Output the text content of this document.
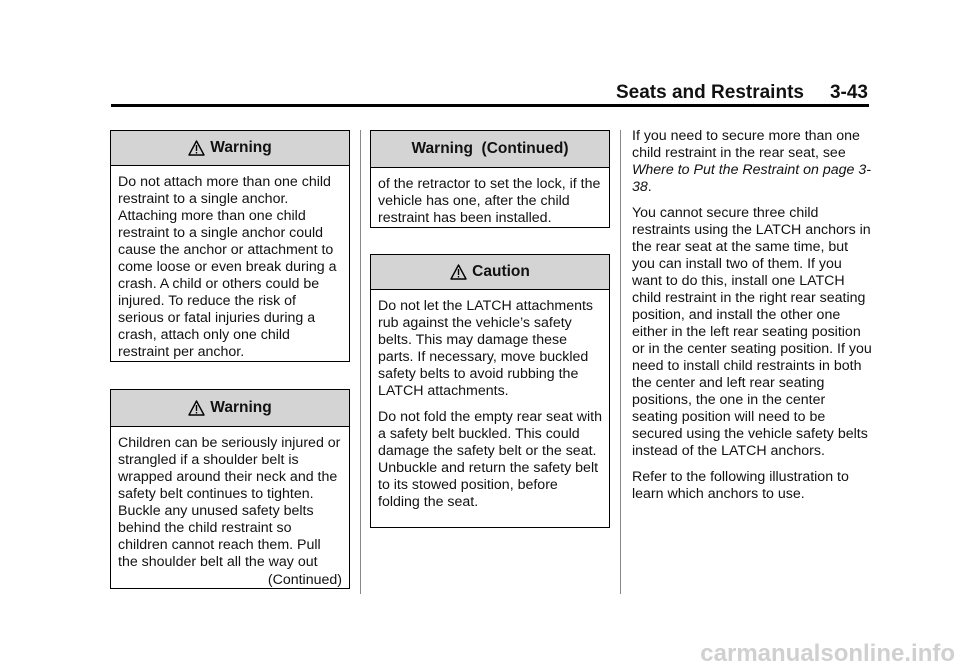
Seats and Restraints 3-43
Warning

Do not attach more than one child restraint to a single anchor. Attaching more than one child restraint to a single anchor could cause the anchor or attachment to come loose or even break during a crash. A child or others could be injured. To reduce the risk of serious or fatal injuries during a crash, attach only one child restraint per anchor.

Warning
Children can be seriously injured or strangled if a shoulder belt is wrapped around their neck and the safety belt continues to tighten. Buckle any unused safety belts behind the child restraint so children cannot reach them. Pull the shoulder belt all the way out
(Continued)
Warning  (Continued)

of the retractor to set the lock, if the vehicle has one, after the child restraint has been installed.

Caution

Do not let the LATCH attachments rub against the vehicle’s safety belts. This may damage these parts. If necessary, move buckled safety belts to avoid rubbing the LATCH attachments.

Do not fold the empty rear seat with a safety belt buckled. This could damage the safety belt or the seat. Unbuckle and return the safety belt to its stowed position, before folding the seat.

If you need to secure more than one child restraint in the rear seat, see Where to Put the Restraint on page 3-38.

You cannot secure three child restraints using the LATCH anchors in the rear seat at the same time, but you can install two of them. If you want to do this, install one LATCH child restraint in the right rear seating position, and install the other one either in the left rear seating position or in the center seating position. If you need to install child restraints in both the center and left rear seating positions, the one in the center seating position will need to be secured using the vehicle safety belts instead of the LATCH anchors.

Refer to the following illustration to learn which anchors to use.

carmanualsonline.info
